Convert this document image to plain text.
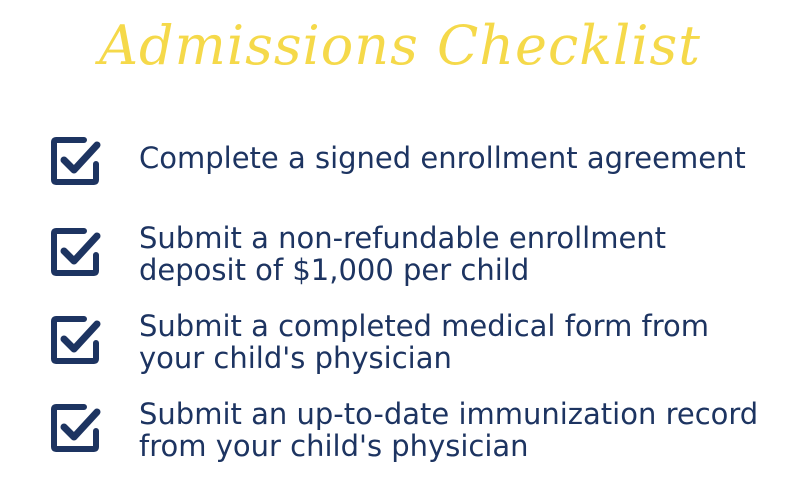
Admissions Checklist
Complete a signed enrollment agreement
Submit a non-refundable enrollment
deposit of $1,000 per child
Submit a completed medical form from
your child's physician
Submit an up-to-date immunization record
from your child's physician
